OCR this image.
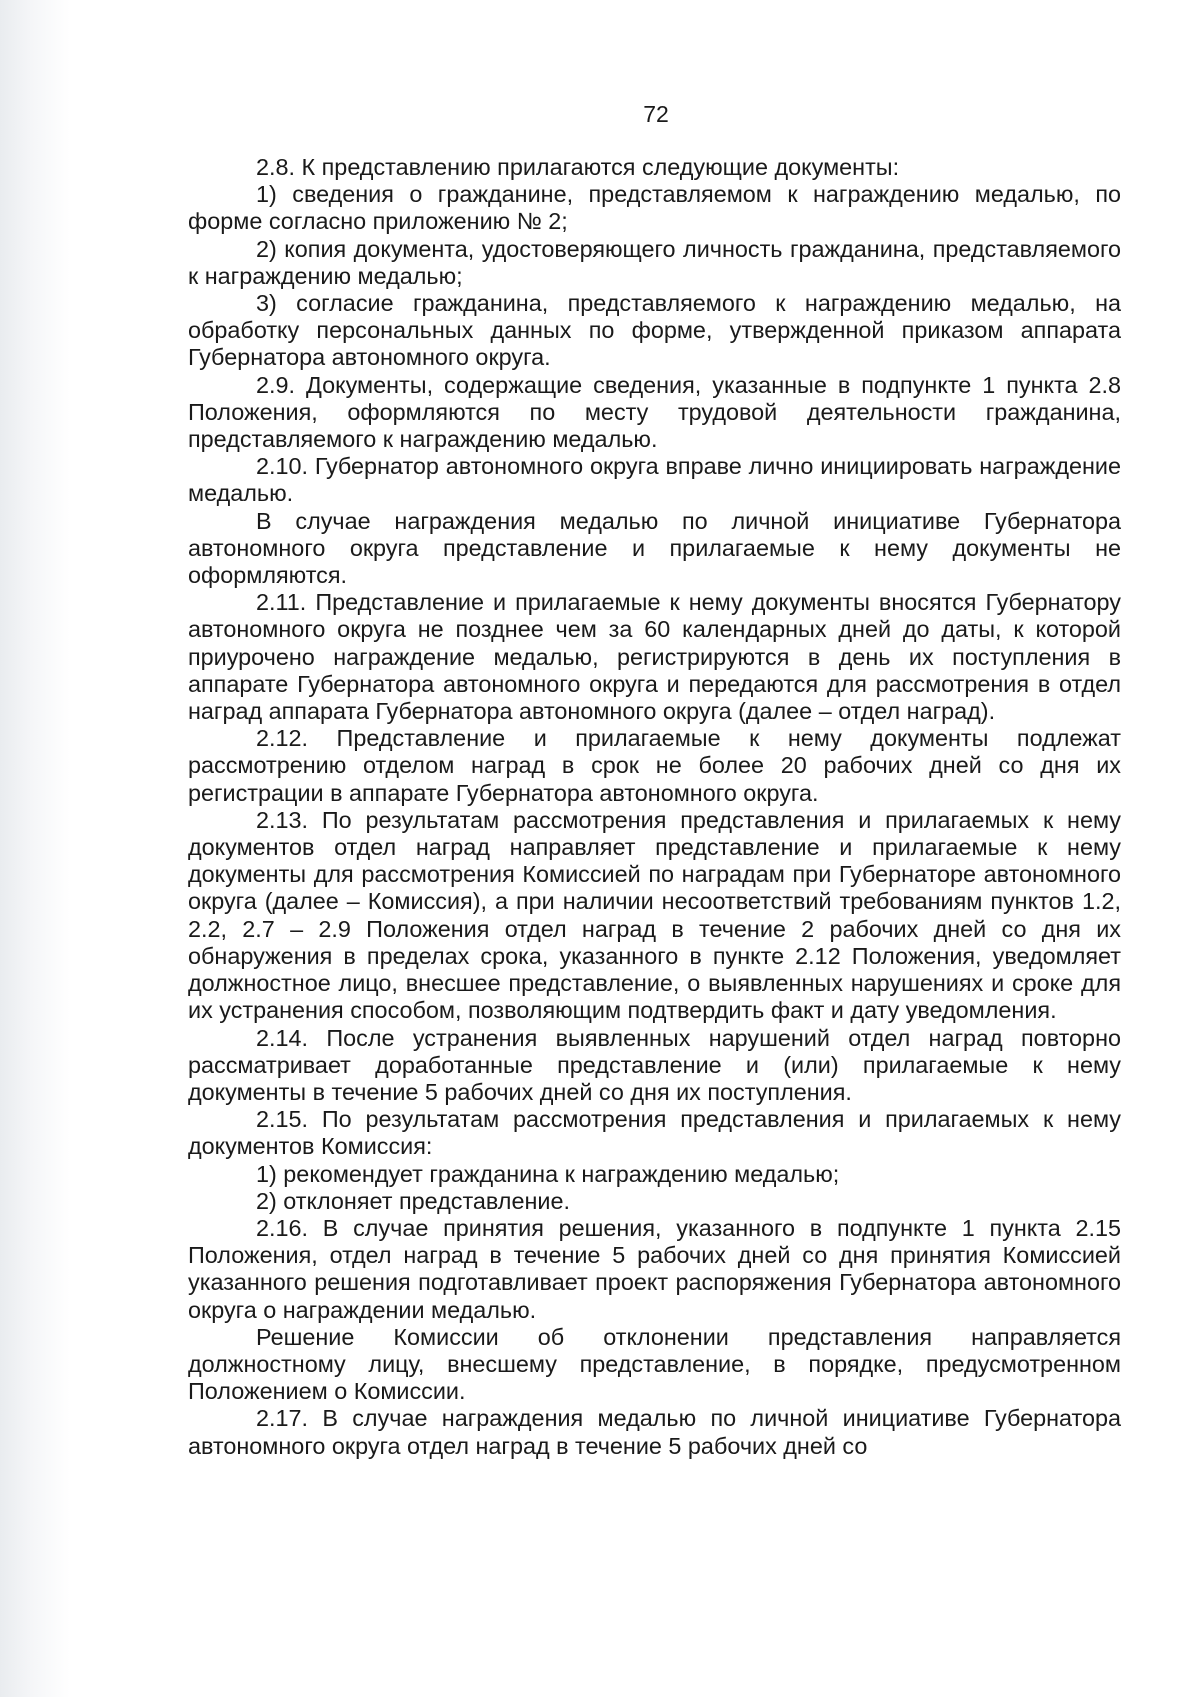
72

2.8. К представлению прилагаются следующие документы:

1) сведения о гражданине, представляемом к награждению медалью, по форме согласно приложению № 2;

2) копия документа, удостоверяющего личность гражданина, представляемого к награждению медалью;

3) согласие гражданина, представляемого к награждению медалью, на обработку персональных данных по форме, утвержденной приказом аппарата Губернатора автономного округа.

2.9. Документы, содержащие сведения, указанные в подпункте 1 пункта 2.8 Положения, оформляются по месту трудовой деятельности гражданина, представляемого к награждению медалью.

2.10. Губернатор автономного округа вправе лично инициировать награждение медалью.

В случае награждения медалью по личной инициативе Губернатора автономного округа представление и прилагаемые к нему документы не оформляются.

2.11. Представление и прилагаемые к нему документы вносятся Губернатору автономного округа не позднее чем за 60 календарных дней до даты, к которой приурочено награждение медалью, регистрируются в день их поступления в аппарате Губернатора автономного округа и передаются для рассмотрения в отдел наград аппарата Губернатора автономного округа (далее – отдел наград).

2.12. Представление и прилагаемые к нему документы подлежат рассмотрению отделом наград в срок не более 20 рабочих дней со дня их регистрации в аппарате Губернатора автономного округа.

2.13. По результатам рассмотрения представления и прилагаемых к нему документов отдел наград направляет представление и прилагаемые к нему документы для рассмотрения Комиссией по наградам при Губернаторе автономного округа (далее – Комиссия), а при наличии несоответствий требованиям пунктов 1.2, 2.2, 2.7 – 2.9 Положения отдел наград в течение 2 рабочих дней со дня их обнаружения в пределах срока, указанного в пункте 2.12 Положения, уведомляет должностное лицо, внесшее представление, о выявленных нарушениях и сроке для их устранения способом, позволяющим подтвердить факт и дату уведомления.

2.14. После устранения выявленных нарушений отдел наград повторно рассматривает доработанные представление и (или) прилагаемые к нему документы в течение 5 рабочих дней со дня их поступления.

2.15. По результатам рассмотрения представления и прилагаемых к нему документов Комиссия:

1) рекомендует гражданина к награждению медалью;

2) отклоняет представление.

2.16. В случае принятия решения, указанного в подпункте 1 пункта 2.15 Положения, отдел наград в течение 5 рабочих дней со дня принятия Комиссией указанного решения подготавливает проект распоряжения Губернатора автономного округа о награждении медалью.

Решение Комиссии об отклонении представления направляется должностному лицу, внесшему представление, в порядке, предусмотренном Положением о Комиссии.

2.17. В случае награждения медалью по личной инициативе Губернатора автономного округа отдел наград в течение 5 рабочих дней со
